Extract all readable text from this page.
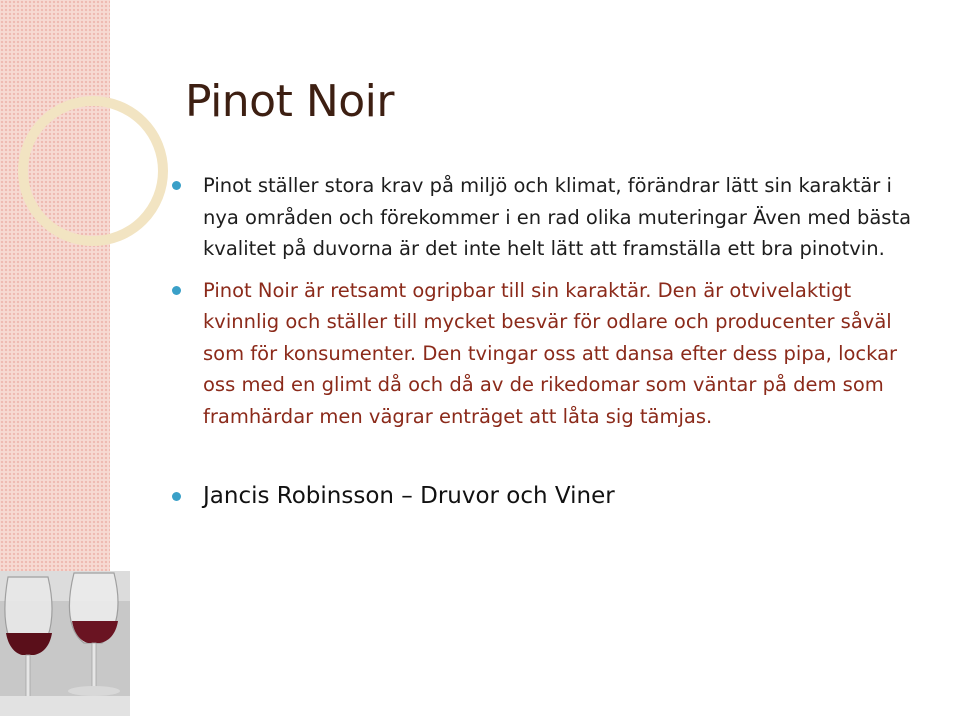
Pinot Noir
Pinot ställer stora krav på miljö och klimat, förändrar lätt sin karaktär i nya områden och förekommer i en rad olika muteringar Även med bästa kvalitet på duvorna är det inte helt lätt att framställa ett bra pinotvin.
Pinot Noir är retsamt ogripbar till sin karaktär. Den är otvivelaktigt kvinnlig och ställer till mycket besvär för odlare och producenter såväl som för konsumenter. Den tvingar oss att dansa efter dess pipa, lockar oss med en glimt då och då av de rikedomar som väntar på dem som framhärdar men vägrar enträget att låta sig tämjas.
Jancis Robinsson – Druvor och Viner
